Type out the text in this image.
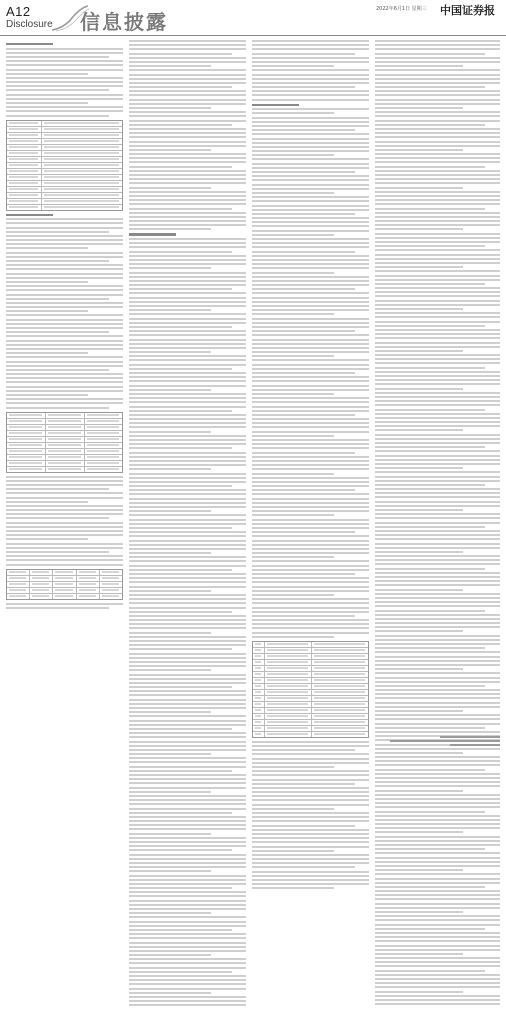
A12
Disclosure 信息披露
2022年6月1日 星期三 中国证券报
